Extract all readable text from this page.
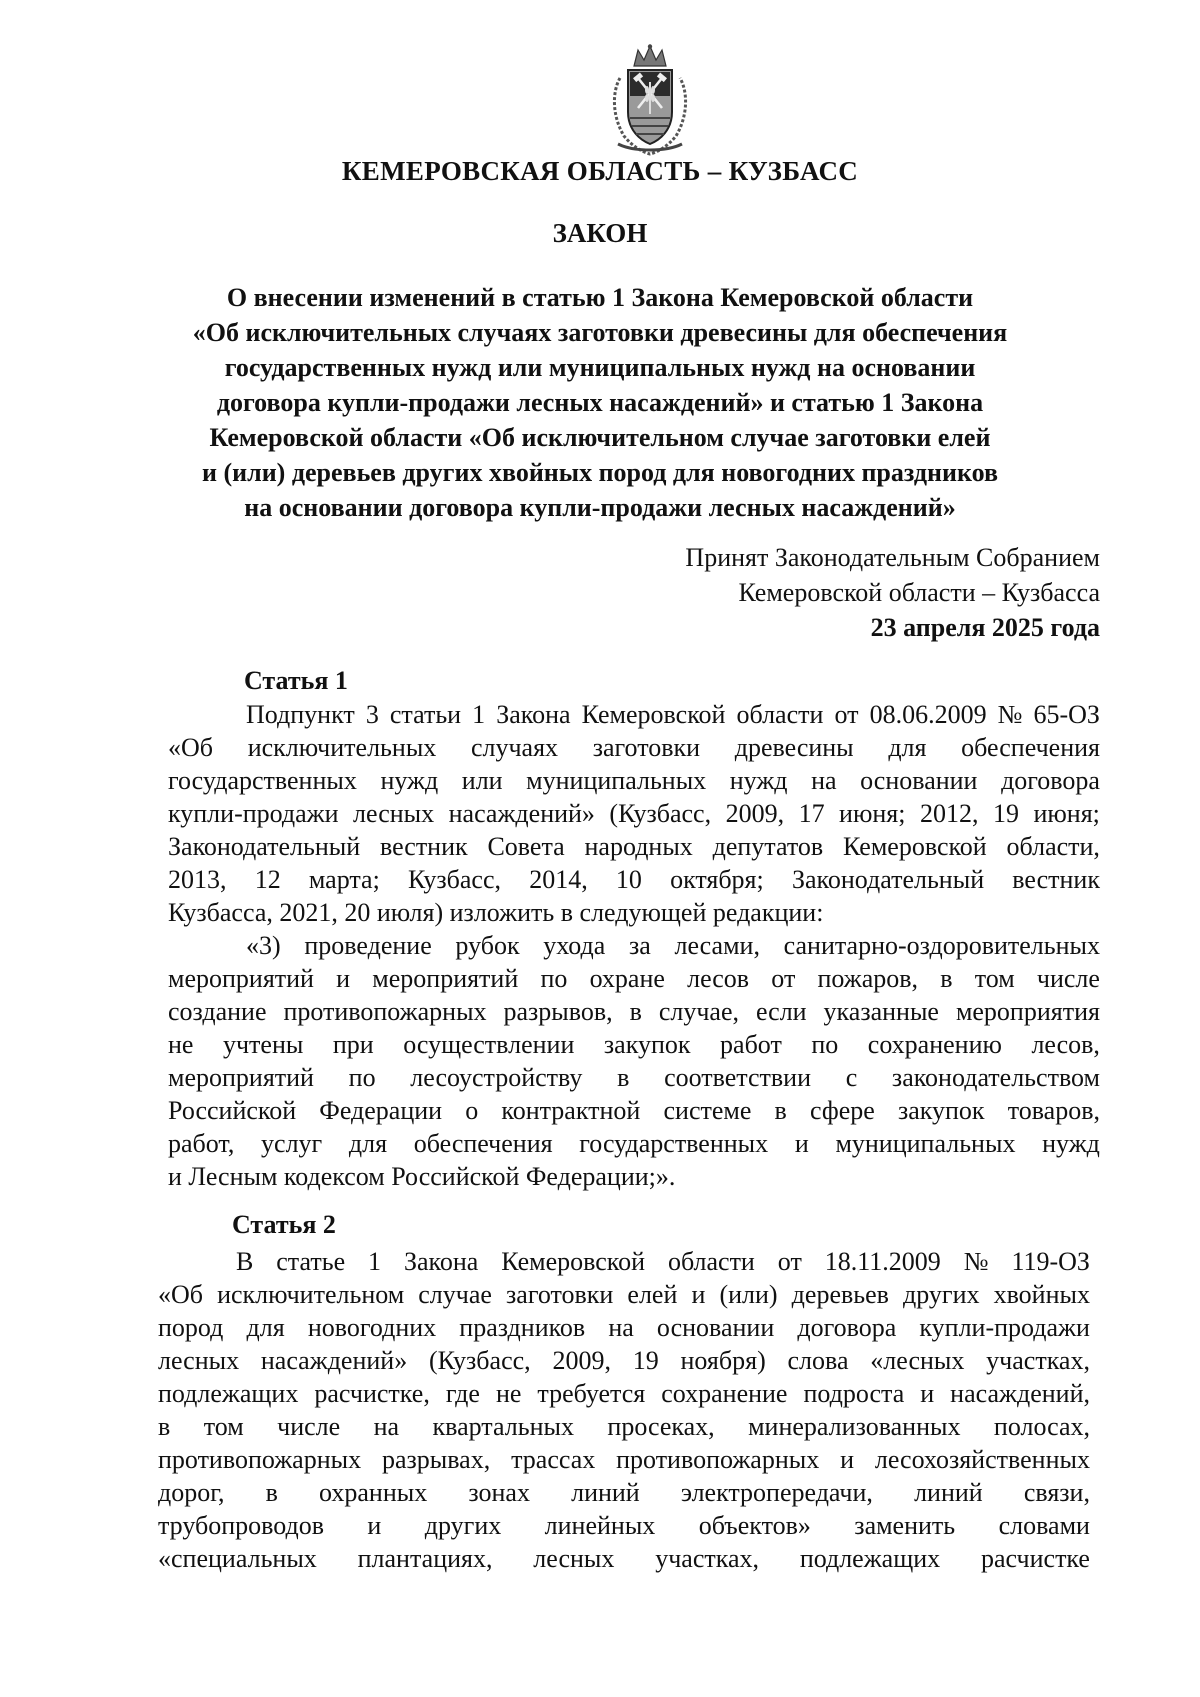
КЕМЕРОВСКАЯ ОБЛАСТЬ – КУЗБАСС
ЗАКОН
О внесении изменений в статью 1 Закона Кемеровской области
«Об исключительных случаях заготовки древесины для обеспечения
государственных нужд или муниципальных нужд на основании
договора купли-продажи лесных насаждений» и статью 1 Закона
Кемеровской области «Об исключительном случае заготовки елей
и (или) деревьев других хвойных пород для новогодних праздников
на основании договора купли-продажи лесных насаждений»
Принят Законодательным Собранием
Кемеровской области – Кузбасса
23 апреля 2025 года
Статья 1
Подпункт 3 статьи 1 Закона Кемеровской области от 08.06.2009 № 65-ОЗ
«Об исключительных случаях заготовки древесины для обеспечения
государственных нужд или муниципальных нужд на основании договора
купли-продажи лесных насаждений» (Кузбасс, 2009, 17 июня; 2012, 19 июня;
Законодательный вестник Совета народных депутатов Кемеровской области,
2013, 12 марта; Кузбасс, 2014, 10 октября; Законодательный вестник
Кузбасса, 2021, 20 июля) изложить в следующей редакции:
«3) проведение рубок ухода за лесами, санитарно-оздоровительных
мероприятий и мероприятий по охране лесов от пожаров, в том числе
создание противопожарных разрывов, в случае, если указанные мероприятия
не учтены при осуществлении закупок работ по сохранению лесов,
мероприятий по лесоустройству в соответствии с законодательством
Российской Федерации о контрактной системе в сфере закупок товаров,
работ, услуг для обеспечения государственных и муниципальных нужд
и Лесным кодексом Российской Федерации;».
Статья 2
В статье 1 Закона Кемеровской области от 18.11.2009 № 119-ОЗ
«Об исключительном случае заготовки елей и (или) деревьев других хвойных
пород для новогодних праздников на основании договора купли-продажи
лесных насаждений» (Кузбасс, 2009, 19 ноября) слова «лесных участках,
подлежащих расчистке, где не требуется сохранение подроста и насаждений,
в том числе на квартальных просеках, минерализованных полосах,
противопожарных разрывах, трассах противопожарных и лесохозяйственных
дорог, в охранных зонах линий электропередачи, линий связи,
трубопроводов и других линейных объектов» заменить словами
«специальных плантациях, лесных участках, подлежащих расчистке
